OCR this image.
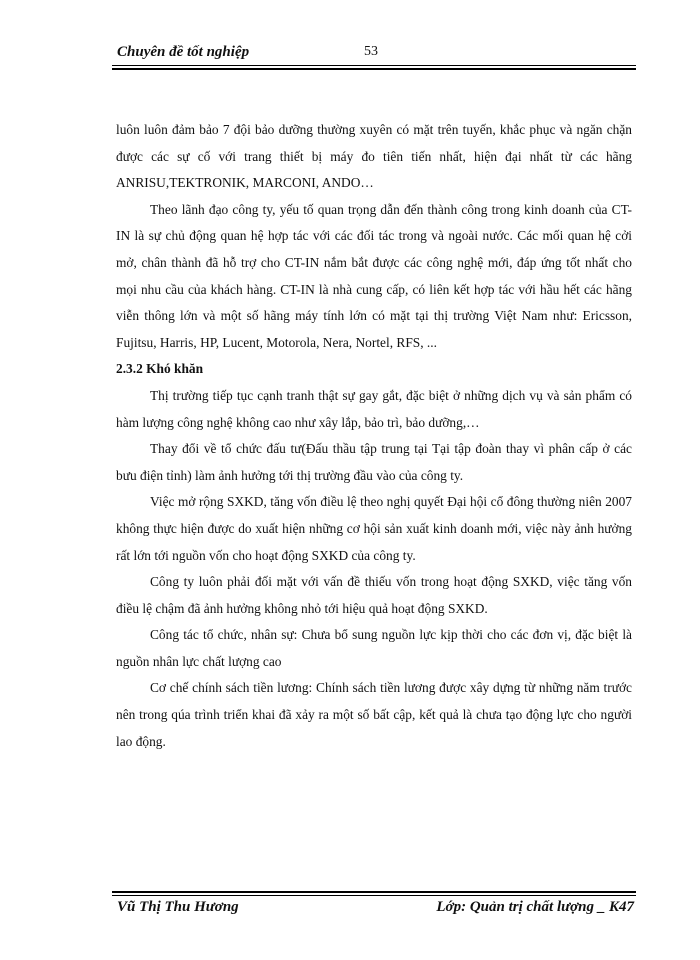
Chuyên đề tốt nghiệp	53

luôn luôn đảm bảo 7 đội bảo dưỡng thường xuyên có mặt trên tuyến, khắc phục và ngăn chặn được các sự cố với trang thiết bị máy đo tiên tiến nhất, hiện đại nhất từ các hãng ANRISU,TEKTRONIK, MARCONI, ANDO…

Theo lãnh đạo công ty, yếu tố quan trọng dẫn đến thành công trong kinh doanh của CT-IN là sự chủ động quan hệ hợp tác với các đối tác trong và ngoài nước. Các mối quan hệ cởi mở, chân thành đã hỗ trợ cho CT-IN nắm bắt được các công nghệ mới, đáp ứng tốt nhất cho mọi nhu cầu của khách hàng. CT-IN là nhà cung cấp, có liên kết hợp tác với hầu hết các hãng viễn thông lớn và một số hãng máy tính lớn có mặt tại thị trường Việt Nam như: Ericsson, Fujitsu, Harris, HP, Lucent, Motorola, Nera, Nortel, RFS, ...

2.3.2 Khó khăn

Thị trường tiếp tục cạnh tranh thật sự gay gắt, đặc biệt ở những dịch vụ và sản phẩm có hàm lượng công nghệ không cao như xây lắp, bảo trì, bảo dưỡng,…

Thay đổi về tổ chức đấu tư(Đấu thầu tập trung tại Tại tập đoàn thay vì phân cấp ở các bưu điện tỉnh) làm ảnh hưởng tới thị trường đầu vào của công ty.

Việc mở rộng SXKD, tăng vốn điều lệ theo nghị quyết Đại hội cổ đông thường niên 2007 không thực hiện được do xuất hiện những cơ hội sản xuất kinh doanh mới, việc này ảnh hưởng rất lớn tới nguồn vốn cho hoạt động SXKD của công ty.

Công ty luôn phải đối mặt với vấn đề thiếu vốn trong hoạt động SXKD, việc tăng vốn điều lệ chậm đã ảnh hưởng không nhỏ tới hiệu quả hoạt động SXKD.

Công tác tổ chức, nhân sự: Chưa bổ sung nguồn lực kịp thời cho các đơn vị, đặc biệt là nguồn nhân lực chất lượng cao

Cơ chế chính sách tiền lương: Chính sách tiền lương được xây dựng từ những năm trước nên trong qúa trình triển khai đã xảy ra một số bất cập, kết quả là chưa tạo động lực cho người lao động.

Vũ Thị Thu Hương	Lớp: Quản trị chất lượng _ K47
